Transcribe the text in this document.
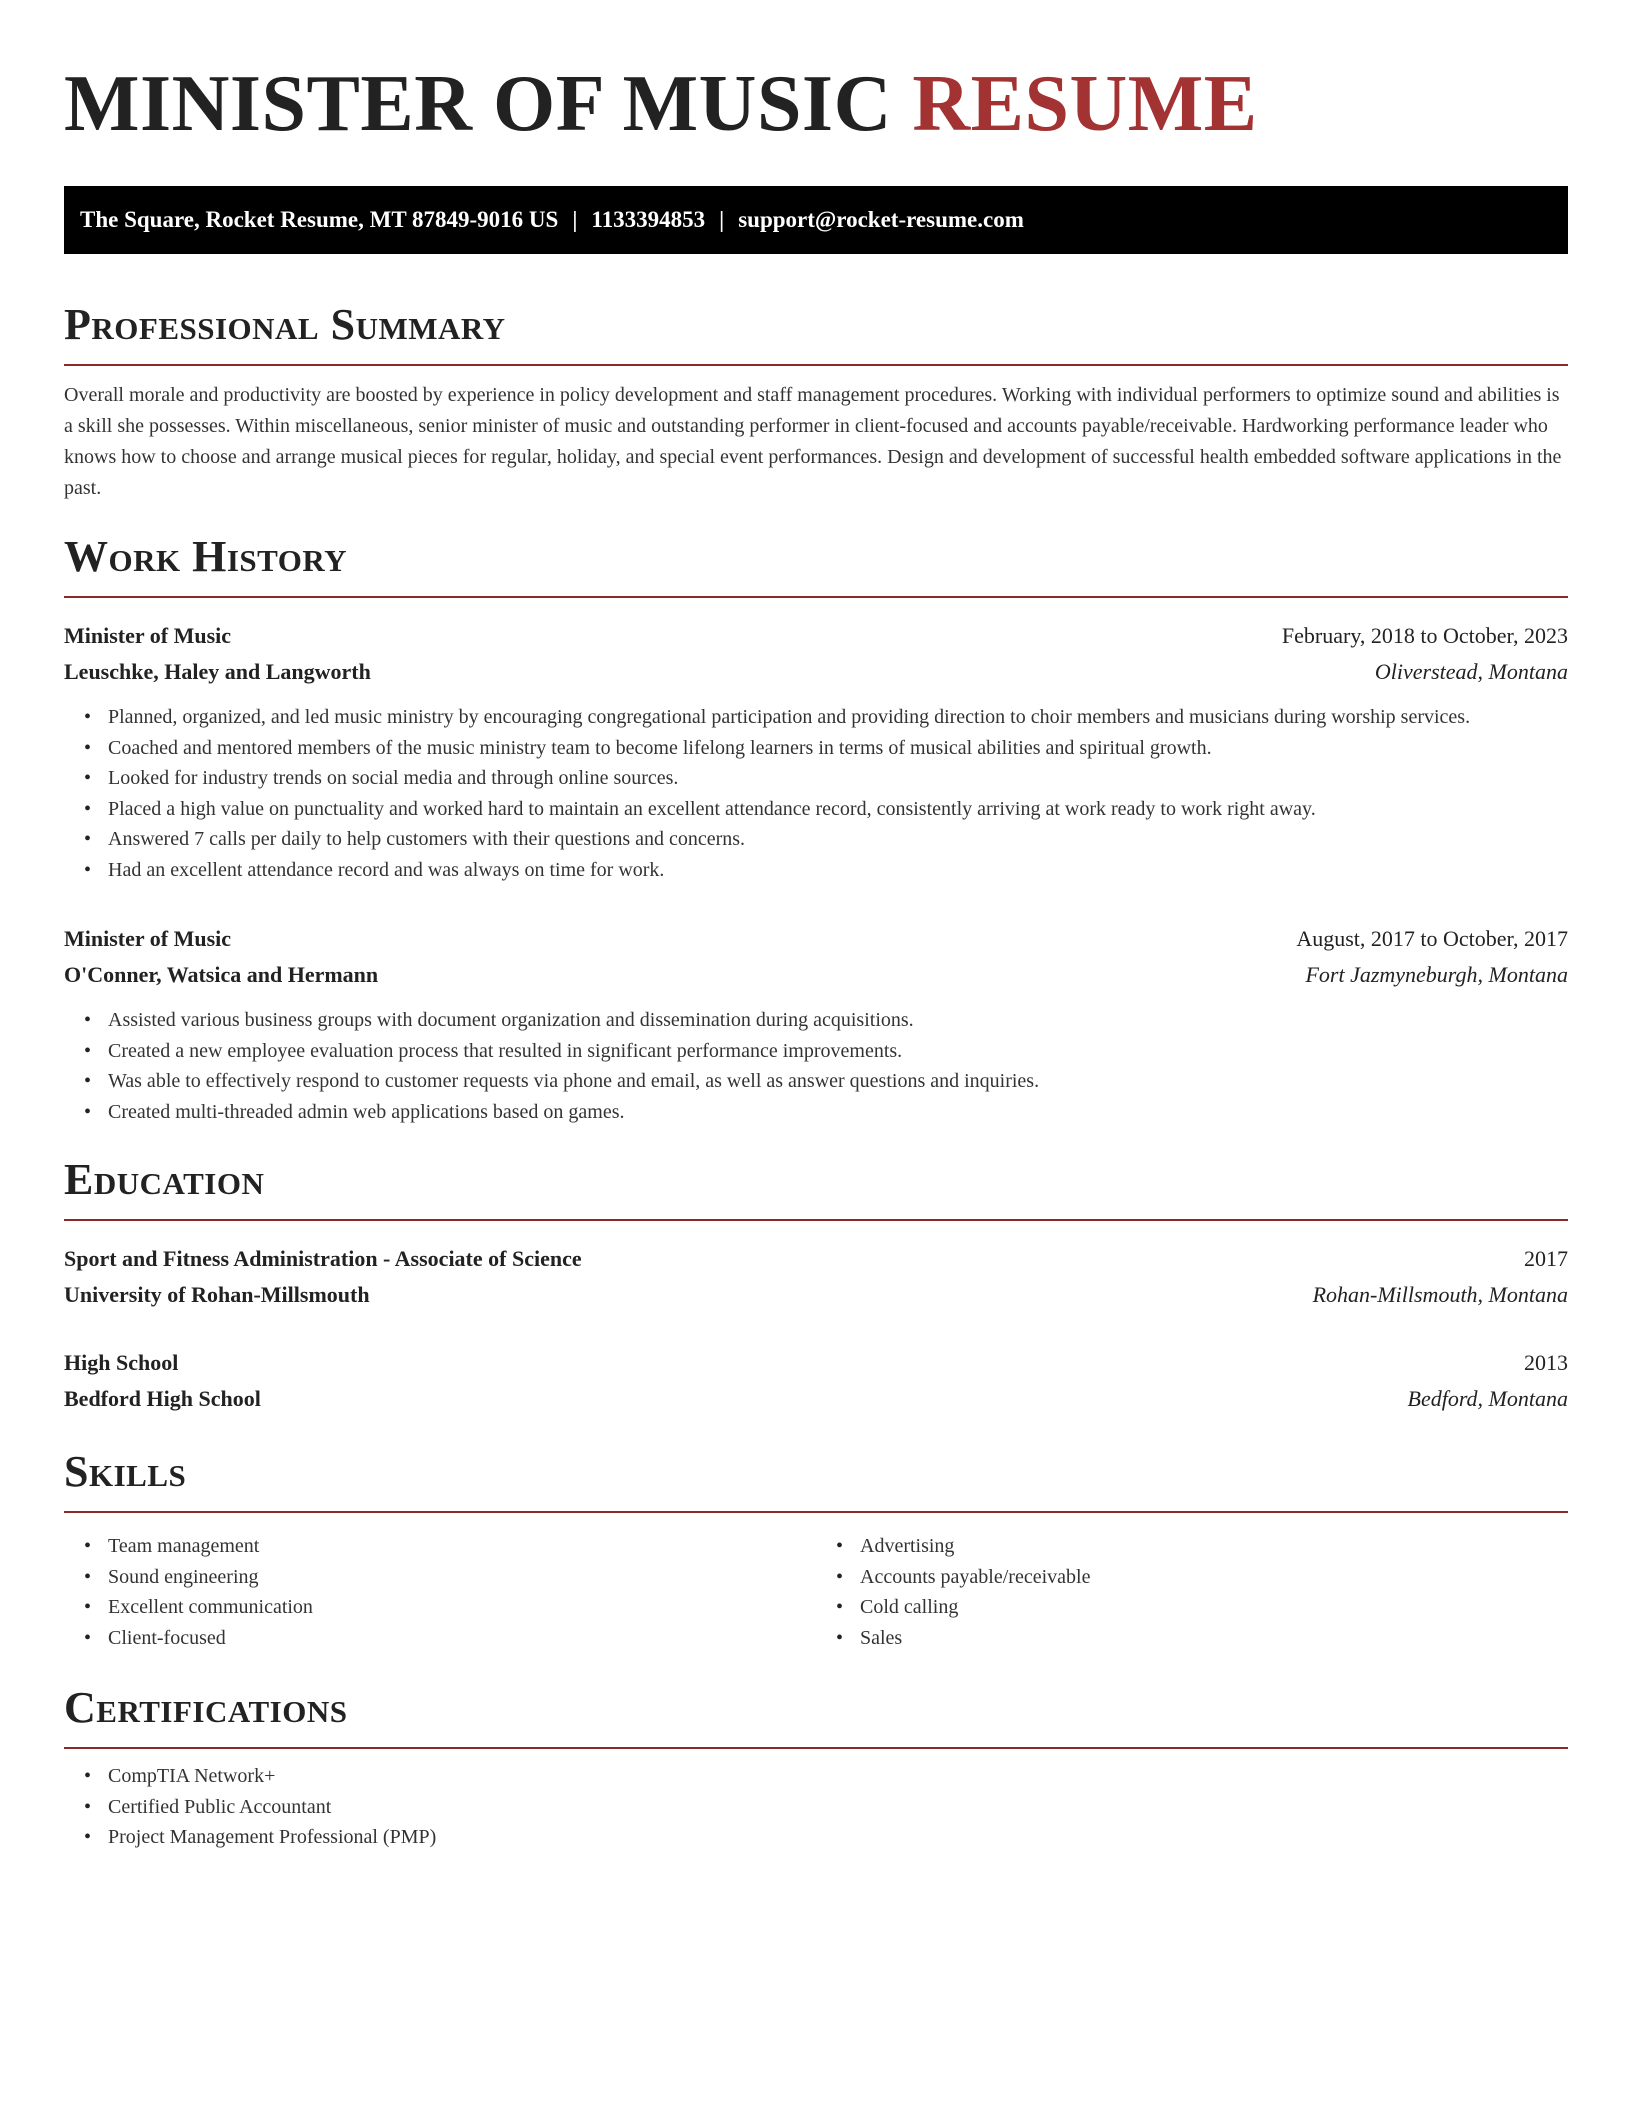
MINISTER OF MUSIC RESUME
The Square, Rocket Resume, MT 87849-9016 US | 1133394853 | support@rocket-resume.com
Professional Summary

Overall morale and productivity are boosted by experience in policy development and staff management procedures. Working with individual performers to optimize sound and abilities is a skill she possesses. Within miscellaneous, senior minister of music and outstanding performer in client-focused and accounts payable/receivable. Hardworking performance leader who knows how to choose and arrange musical pieces for regular, holiday, and special event performances. Design and development of successful health embedded software applications in the past.

Work History
Minister of Music	February, 2018 to October, 2023
Leuschke, Haley and Langworth	Oliverstead, Montana
• Planned, organized, and led music ministry by encouraging congregational participation and providing direction to choir members and musicians during worship services.
• Coached and mentored members of the music ministry team to become lifelong learners in terms of musical abilities and spiritual growth.
• Looked for industry trends on social media and through online sources.
• Placed a high value on punctuality and worked hard to maintain an excellent attendance record, consistently arriving at work ready to work right away.
• Answered 7 calls per daily to help customers with their questions and concerns.
• Had an excellent attendance record and was always on time for work.
Minister of Music	August, 2017 to October, 2017
O'Conner, Watsica and Hermann	Fort Jazmyneburgh, Montana
• Assisted various business groups with document organization and dissemination during acquisitions.
• Created a new employee evaluation process that resulted in significant performance improvements.
• Was able to effectively respond to customer requests via phone and email, as well as answer questions and inquiries.
• Created multi-threaded admin web applications based on games.
Education
Sport and Fitness Administration - Associate of Science	2017
University of Rohan-Millsmouth	Rohan-Millsmouth, Montana
High School	2013
Bedford High School	Bedford, Montana
Skills
• Team management
• Sound engineering
• Excellent communication
• Client-focused
• Advertising
• Accounts payable/receivable
• Cold calling
• Sales
Certifications
• CompTIA Network+
• Certified Public Accountant
• Project Management Professional (PMP)
